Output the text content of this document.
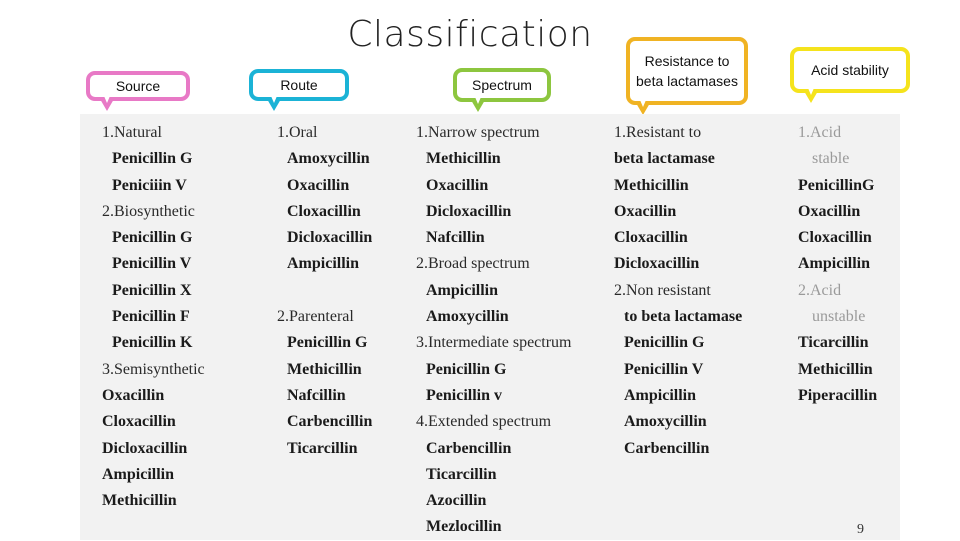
Classification
Source	Route	Spectrum
Resistance to beta lactamases
Acid stability
1.Natural
Penicillin G
Peniciiin V
2.Biosynthetic
Penicillin G
Penicillin V
Penicillin X
Penicillin F
Penicillin K
3.Semisynthetic
Oxacillin
Cloxacillin
Dicloxacillin
Ampicillin
Methicillin
1.Oral
Amoxycillin
Oxacillin
Cloxacillin
Dicloxacillin
Ampicillin
2.Parenteral
Penicillin G
Methicillin
Nafcillin
Carbencillin
Ticarcillin
1.Narrow spectrum
Methicillin
Oxacillin
Dicloxacillin
Nafcillin
2.Broad spectrum
Ampicillin
Amoxycillin
3.Intermediate spectrum
Penicillin G
Penicillin v
4.Extended spectrum
Carbencillin
Ticarcillin
Azocillin
Mezlocillin
1.Resistant to
beta lactamase
Methicillin
Oxacillin
Cloxacillin
Dicloxacillin
2.Non resistant
to beta lactamase
Penicillin G
Penicillin V
Ampicillin
Amoxycillin
Carbencillin
1.Acid
stable
PenicillinG
Oxacillin
Cloxacillin
Ampicillin
2.Acid
unstable
Ticarcillin
Methicillin
Piperacillin
9
